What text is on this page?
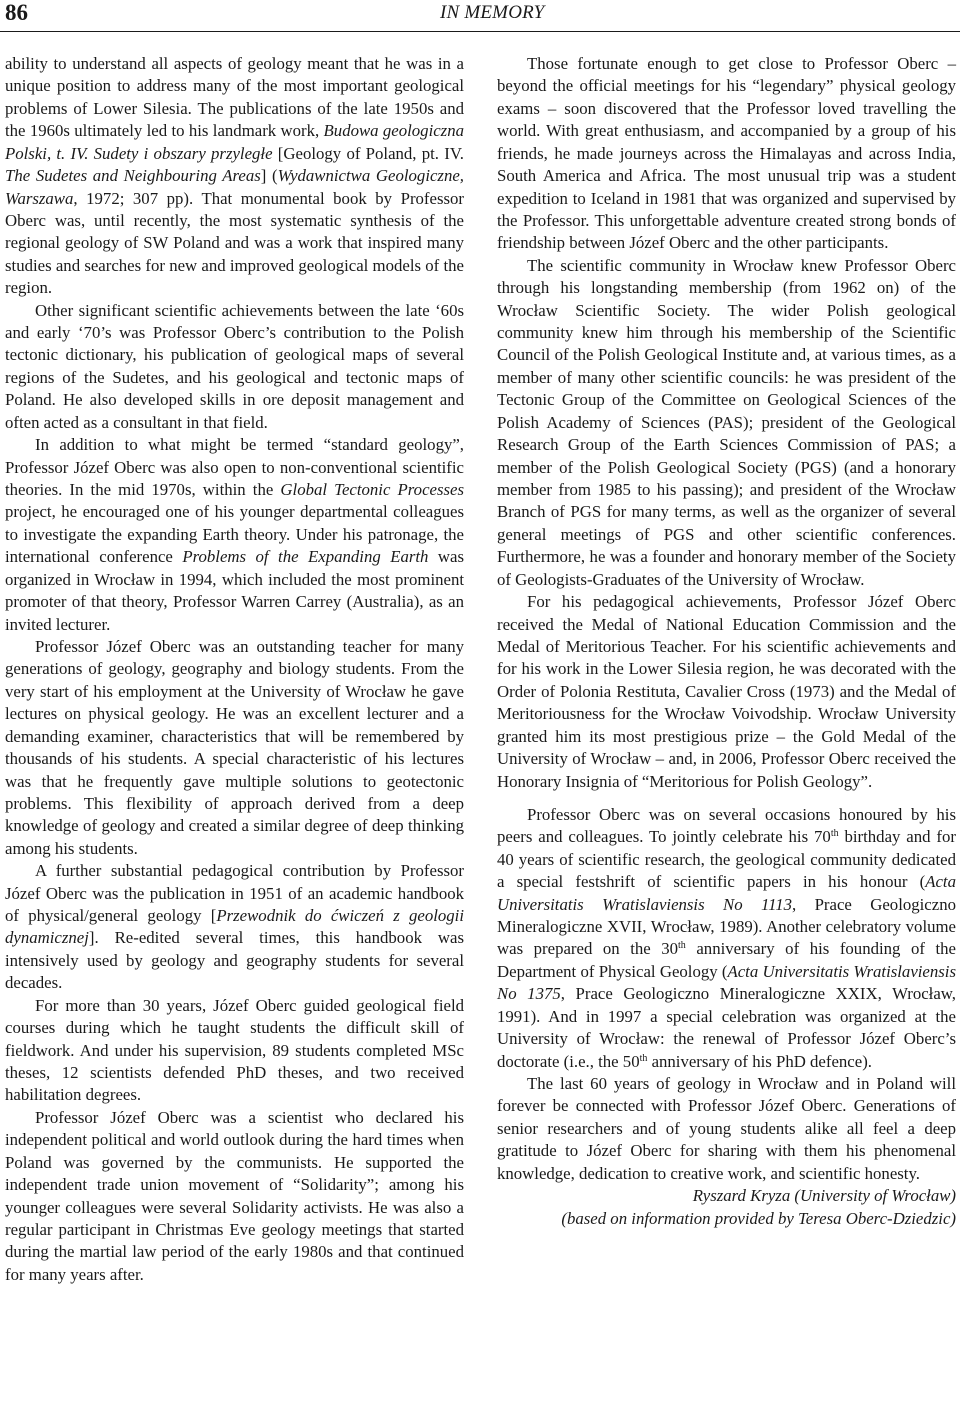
86	IN MEMORY

ability to understand all aspects of geology meant that he was in a unique position to address many of the most important geological problems of Lower Silesia. The publications of the late 1950s and the 1960s ultimately led to his landmark work, Budowa geologiczna Polski, t. IV. Sudety i obszary przyległe [Geology of Poland, pt. IV. The Sudetes and Neighbouring Areas] (Wydawnictwa Geologiczne, Warszawa, 1972; 307 pp). That monumental book by Professor Oberc was, until recently, the most systematic synthesis of the regional geology of SW Poland and was a work that inspired many studies and searches for new and improved geological models of the region.

Other significant scientific achievements between the late ‘60s and early ‘70’s was Professor Oberc’s contribution to the Polish tectonic dictionary, his publication of geological maps of several regions of the Sudetes, and his geological and tectonic maps of Poland. He also developed skills in ore deposit management and often acted as a consultant in that field.

In addition to what might be termed “standard geology”, Professor Józef Oberc was also open to non-conventional scientific theories. In the mid 1970s, within the Global Tectonic Processes project, he encouraged one of his younger departmental colleagues to investigate the expanding Earth theory. Under his patronage, the international conference Problems of the Expanding Earth was organized in Wrocław in 1994, which included the most prominent promoter of that theory, Professor Warren Carrey (Australia), as an invited lecturer.

Professor Józef Oberc was an outstanding teacher for many generations of geology, geography and biology students. From the very start of his employment at the University of Wrocław he gave lectures on physical geology. He was an excellent lecturer and a demanding examiner, characteristics that will be remembered by thousands of his students. A special characteristic of his lectures was that he frequently gave multiple solutions to geotectonic problems. This flexibility of approach derived from a deep knowledge of geology and created a similar degree of deep thinking among his students.

A further substantial pedagogical contribution by Professor Józef Oberc was the publication in 1951 of an academic handbook of physical/general geology [Przewodnik do ćwiczeń z geologii dynamicznej]. Re-edited several times, this handbook was intensively used by geology and geography students for several decades.

For more than 30 years, Józef Oberc guided geological field courses during which he taught students the difficult skill of fieldwork. And under his supervision, 89 students completed MSc theses, 12 scientists defended PhD theses, and two received habilitation degrees.

Professor Józef Oberc was a scientist who declared his independent political and world outlook during the hard times when Poland was governed by the communists. He supported the independent trade union movement of “Solidarity”; among his younger colleagues were several Solidarity activists. He was also a regular participant in Christmas Eve geology meetings that started during the martial law period of the early 1980s and that continued for many years after.

Those fortunate enough to get close to Professor Oberc – beyond the official meetings for his “legendary” physical geology exams – soon discovered that the Professor loved travelling the world. With great enthusiasm, and accompanied by a group of his friends, he made journeys across the Himalayas and across India, South America and Africa. The most unusual trip was a student expedition to Iceland in 1981 that was organized and supervised by the Professor. This unforgettable adventure created strong bonds of friendship between Józef Oberc and the other participants.

The scientific community in Wrocław knew Professor Oberc through his longstanding membership (from 1962 on) of the Wrocław Scientific Society. The wider Polish geological community knew him through his membership of the Scientific Council of the Polish Geological Institute and, at various times, as a member of many other scientific councils: he was president of the Tectonic Group of the Committee on Geological Sciences of the Polish Academy of Sciences (PAS); president of the Geological Research Group of the Earth Sciences Commission of PAS; a member of the Polish Geological Society (PGS) (and a honorary member from 1985 to his passing); and president of the Wrocław Branch of PGS for many terms, as well as the organizer of several general meetings of PGS and other scientific conferences. Furthermore, he was a founder and honorary member of the Society of Geologists-Graduates of the University of Wrocław.

For his pedagogical achievements, Professor Józef Oberc received the Medal of National Education Commission and the Medal of Meritorious Teacher. For his scientific achievements and for his work in the Lower Silesia region, he was decorated with the Order of Polonia Restituta, Cavalier Cross (1973) and the Medal of Meritoriousness for the Wrocław Voivodship. Wrocław University granted him its most prestigious prize – the Gold Medal of the University of Wrocław – and, in 2006, Professor Oberc received the Honorary Insignia of “Meritorious for Polish Geology”.

Professor Oberc was on several occasions honoured by his peers and colleagues. To jointly celebrate his 70th birthday and for 40 years of scientific research, the geological community dedicated a special festshrift of scientific papers in his honour (Acta Universitatis Wratislaviensis No 1113, Prace Geologiczno Mineralogiczne XVII, Wrocław, 1989). Another celebratory volume was prepared on the 30th anniversary of his founding of the Department of Physical Geology (Acta Universitatis Wratislaviensis No 1375, Prace Geologiczno Mineralogiczne XXIX, Wrocław, 1991). And in 1997 a special celebration was organized at the University of Wrocław: the renewal of Professor Józef Oberc’s doctorate (i.e., the 50th anniversary of his PhD defence).

The last 60 years of geology in Wrocław and in Poland will forever be connected with Professor Józef Oberc. Generations of senior researchers and of young students alike all feel a deep gratitude to Józef Oberc for sharing with them his phenomenal knowledge, dedication to creative work, and scientific honesty.

Ryszard Kryza (University of Wrocław)
(based on information provided by Teresa Oberc-Dziedzic)
